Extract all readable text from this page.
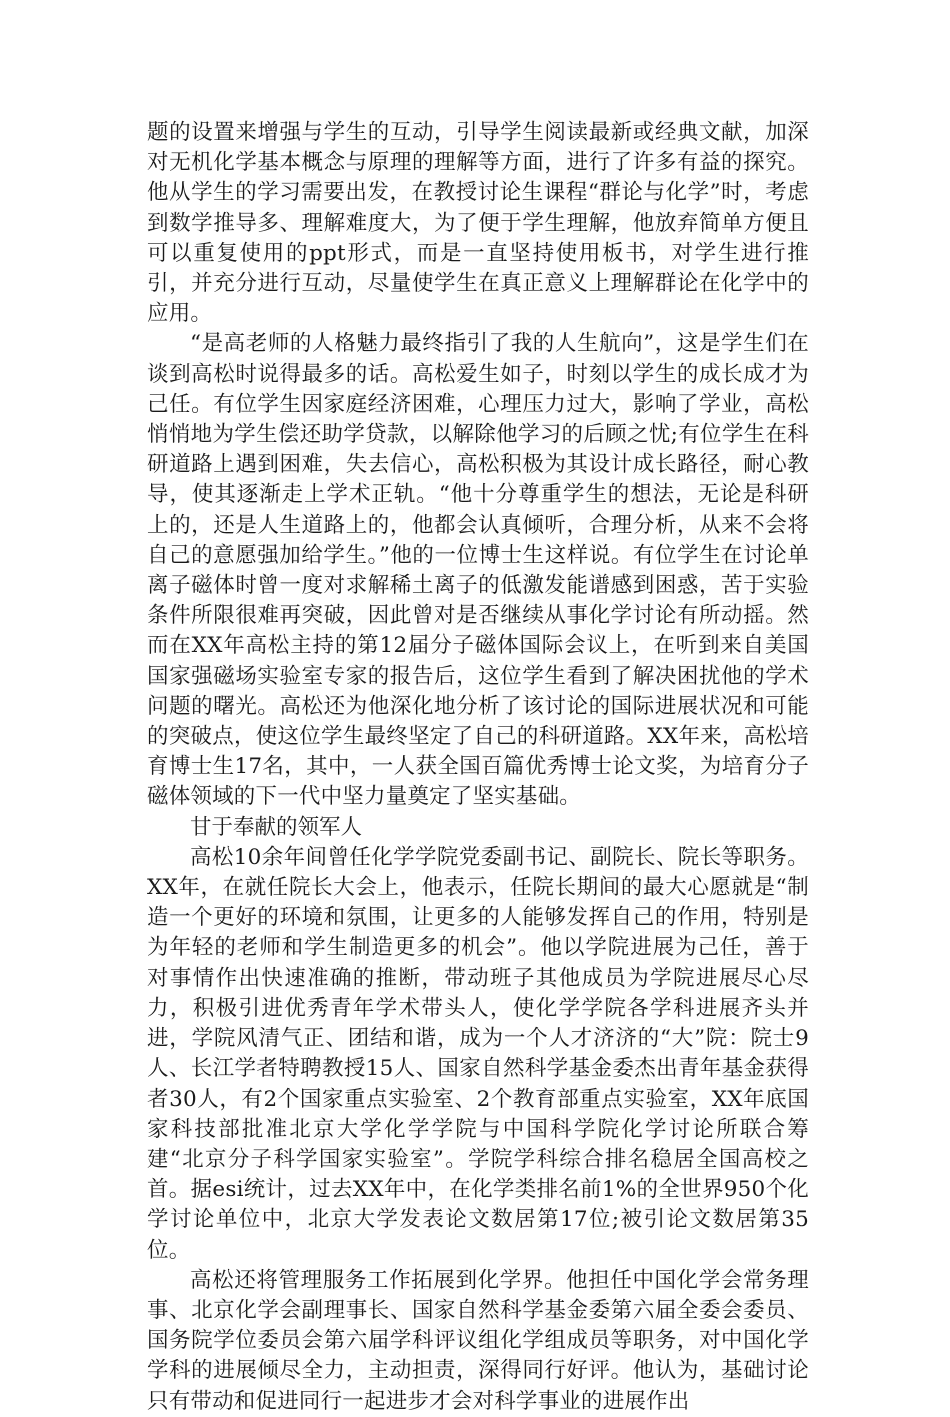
题的设置来增强与学生的互动，引导学生阅读最新或经典文献，加深对无机化学基本概念与原理的理解等方面，进行了许多有益的探究。他从学生的学习需要出发，在教授讨论生课程“群论与化学”时，考虑到数学推导多、理解难度大，为了便于学生理解，他放弃简单方便且可以重复使用的ppt形式，而是一直坚持使用板书，对学生进行推引，并充分进行互动，尽量使学生在真正意义上理解群论在化学中的应用。

“是高老师的人格魅力最终指引了我的人生航向”，这是学生们在谈到高松时说得最多的话。高松爱生如子，时刻以学生的成长成才为己任。有位学生因家庭经济困难，心理压力过大，影响了学业，高松悄悄地为学生偿还助学贷款，以解除他学习的后顾之忧;有位学生在科研道路上遇到困难，失去信心，高松积极为其设计成长路径，耐心教导，使其逐渐走上学术正轨。“他十分尊重学生的想法，无论是科研上的，还是人生道路上的，他都会认真倾听，合理分析，从来不会将自己的意愿强加给学生。”他的一位博士生这样说。有位学生在讨论单离子磁体时曾一度对求解稀土离子的低激发能谱感到困惑，苦于实验条件所限很难再突破，因此曾对是否继续从事化学讨论有所动摇。然而在XX年高松主持的第12届分子磁体国际会议上，在听到来自美国国家强磁场实验室专家的报告后，这位学生看到了解决困扰他的学术问题的曙光。高松还为他深化地分析了该讨论的国际进展状况和可能的突破点，使这位学生最终坚定了自己的科研道路。XX年来，高松培育博士生17名，其中，一人获全国百篇优秀博士论文奖，为培育分子磁体领域的下一代中坚力量奠定了坚实基础。

甘于奉献的领军人

高松10余年间曾任化学学院党委副书记、副院长、院长等职务。XX年，在就任院长大会上，他表示，任院长期间的最大心愿就是“制造一个更好的环境和氛围，让更多的人能够发挥自己的作用，特别是为年轻的老师和学生制造更多的机会”。他以学院进展为己任，善于对事情作出快速准确的推断，带动班子其他成员为学院进展尽心尽力，积极引进优秀青年学术带头人，使化学学院各学科进展齐头并进，学院风清气正、团结和谐，成为一个人才济济的“大”院：院士9人、长江学者特聘教授15人、国家自然科学基金委杰出青年基金获得者30人，有2个国家重点实验室、2个教育部重点实验室，XX年底国家科技部批准北京大学化学学院与中国科学院化学讨论所联合筹建“北京分子科学国家实验室”。学院学科综合排名稳居全国高校之首。据esi统计，过去XX年中，在化学类排名前1%的全世界950个化学讨论单位中，北京大学发表论文数居第17位;被引论文数居第35位。

高松还将管理服务工作拓展到化学界。他担任中国化学会常务理事、北京化学会副理事长、国家自然科学基金委第六届全委会委员、国务院学位委员会第六届学科评议组化学组成员等职务，对中国化学学科的进展倾尽全力，主动担责，深得同行好评。他认为，基础讨论只有带动和促进同行一起进步才会对科学事业的进展作出
